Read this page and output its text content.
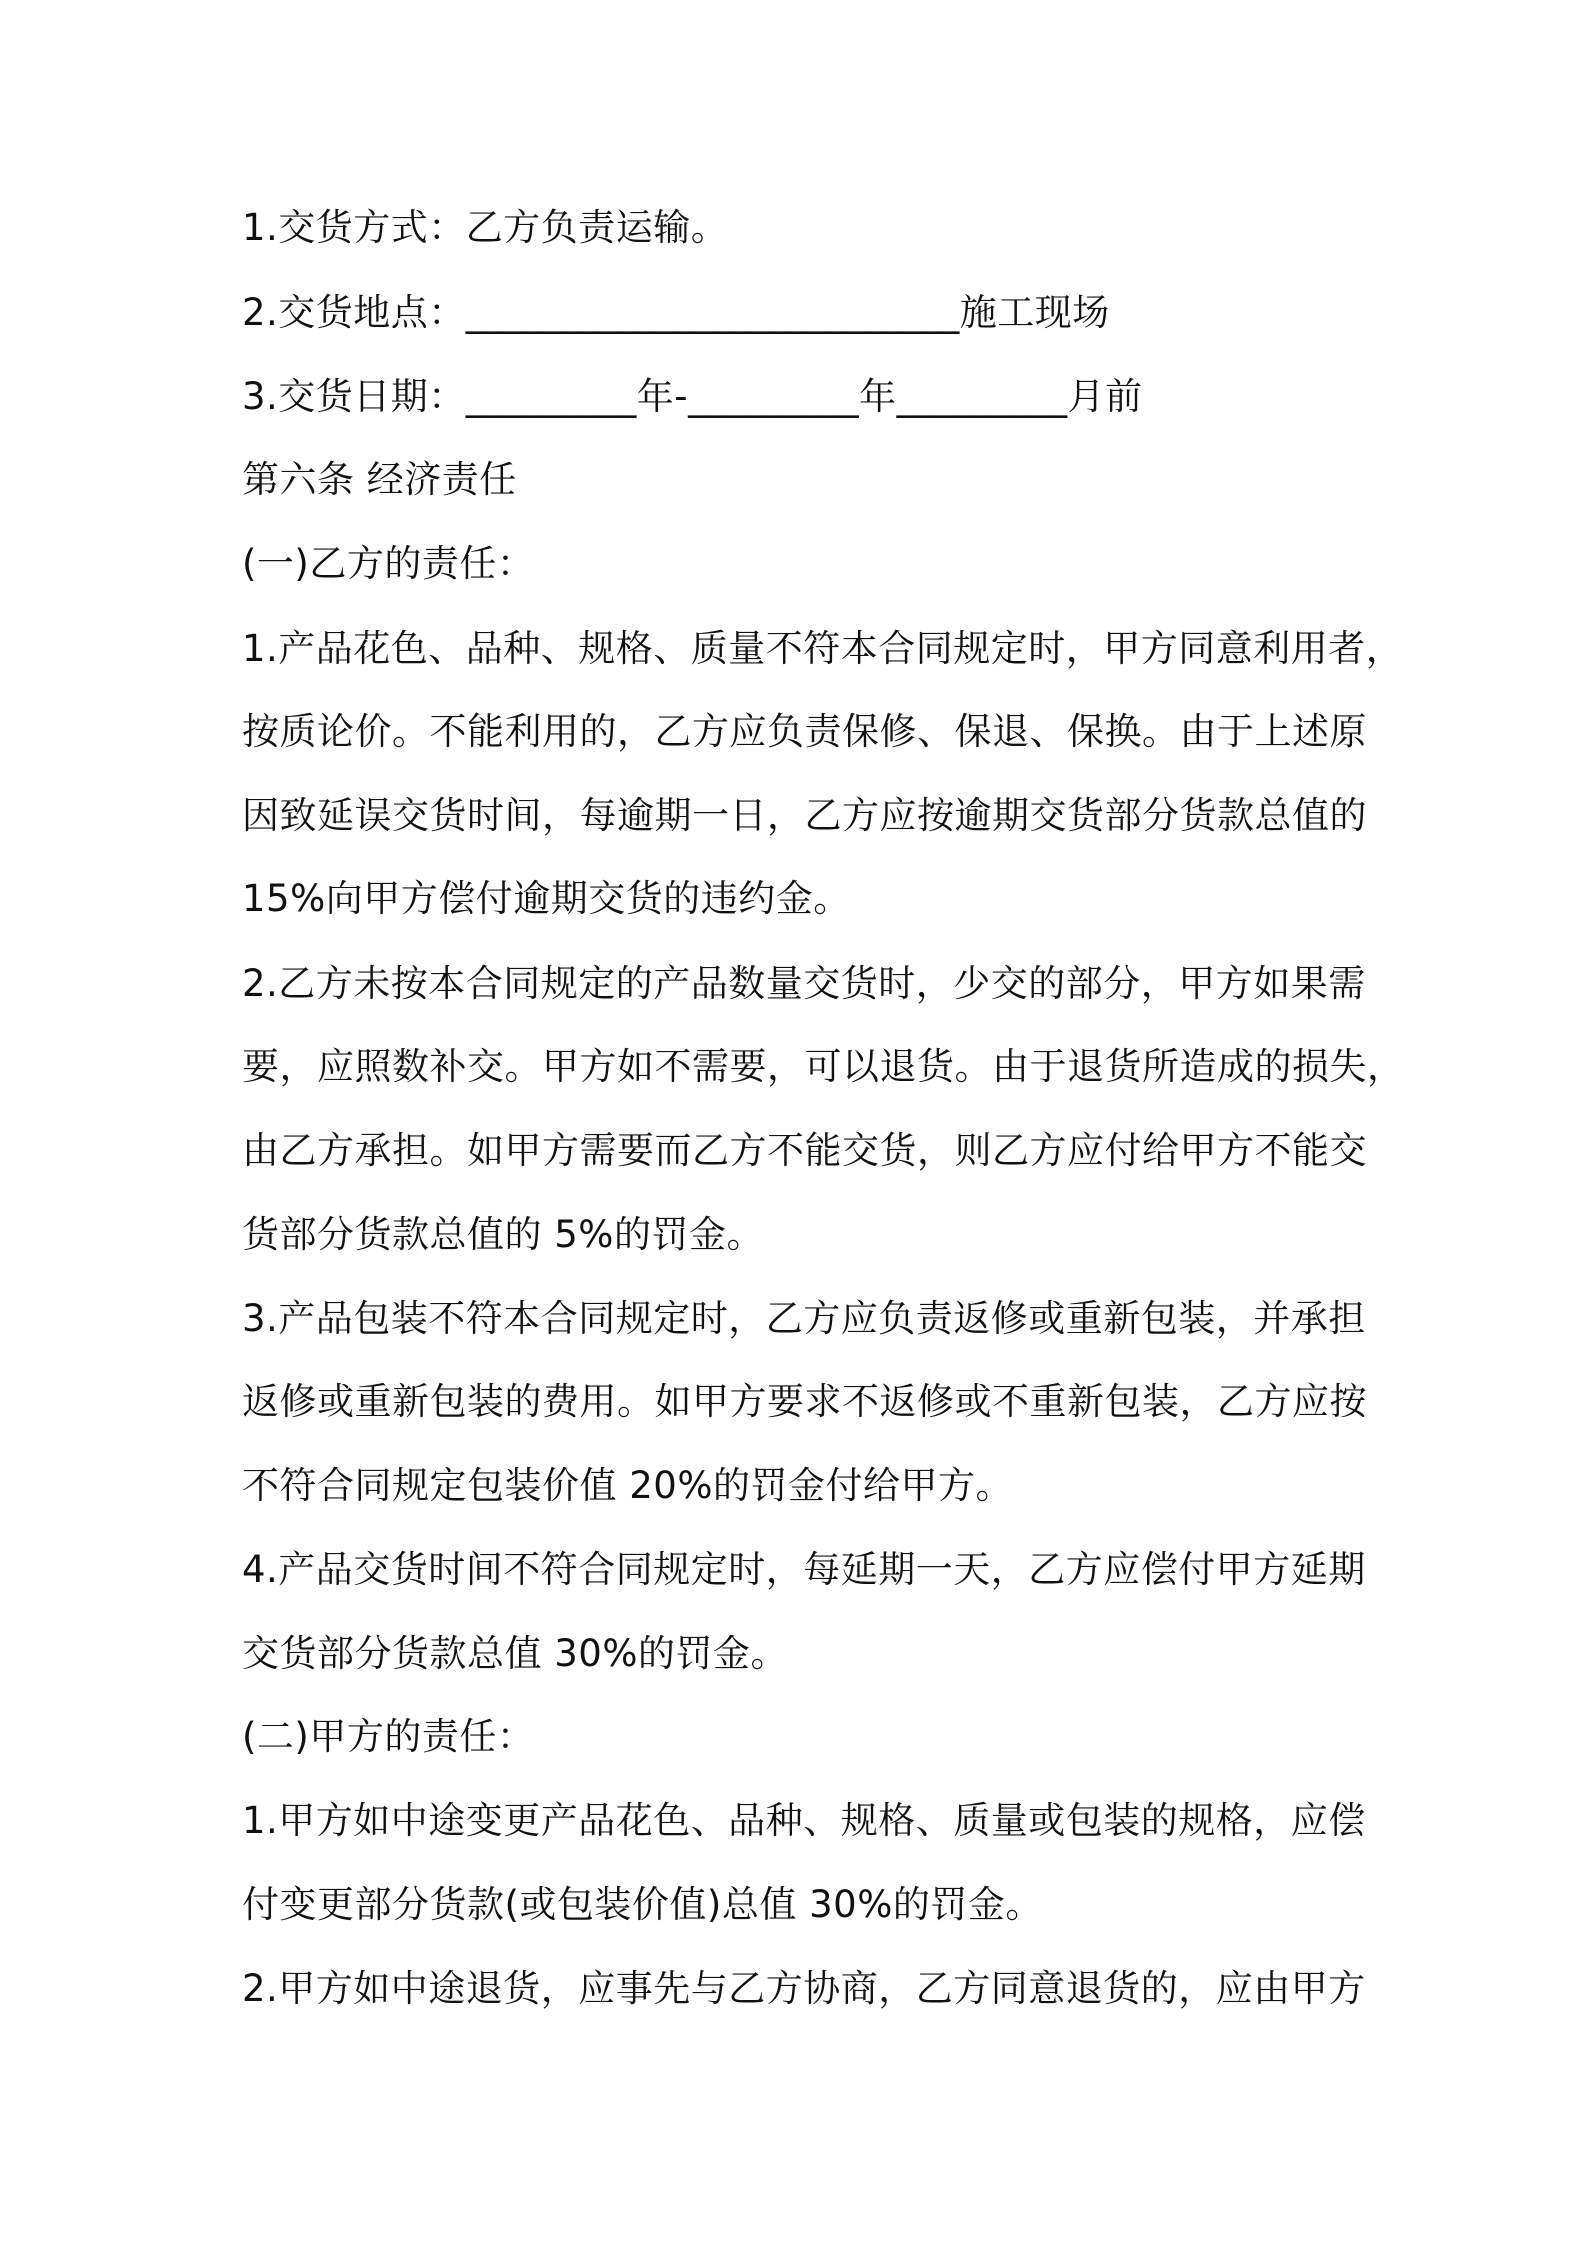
1.交货方式：乙方负责运输。
2.交货地点：__________________________施工现场
3.交货日期：_________年-_________年_________月前
第六条 经济责任
(一)乙方的责任：
1.产品花色、品种、规格、质量不符本合同规定时，甲方同意利用者，
按质论价。不能利用的，乙方应负责保修、保退、保换。由于上述原
因致延误交货时间，每逾期一日，乙方应按逾期交货部分货款总值的
15%向甲方偿付逾期交货的违约金。
2.乙方未按本合同规定的产品数量交货时，少交的部分，甲方如果需
要，应照数补交。甲方如不需要，可以退货。由于退货所造成的损失，
由乙方承担。如甲方需要而乙方不能交货，则乙方应付给甲方不能交
货部分货款总值的 5%的罚金。
3.产品包装不符本合同规定时，乙方应负责返修或重新包装，并承担
返修或重新包装的费用。如甲方要求不返修或不重新包装，乙方应按
不符合同规定包装价值 20%的罚金付给甲方。
4.产品交货时间不符合同规定时，每延期一天，乙方应偿付甲方延期
交货部分货款总值 30%的罚金。
(二)甲方的责任：
1.甲方如中途变更产品花色、品种、规格、质量或包装的规格，应偿
付变更部分货款(或包装价值)总值 30%的罚金。
2.甲方如中途退货，应事先与乙方协商，乙方同意退货的，应由甲方
